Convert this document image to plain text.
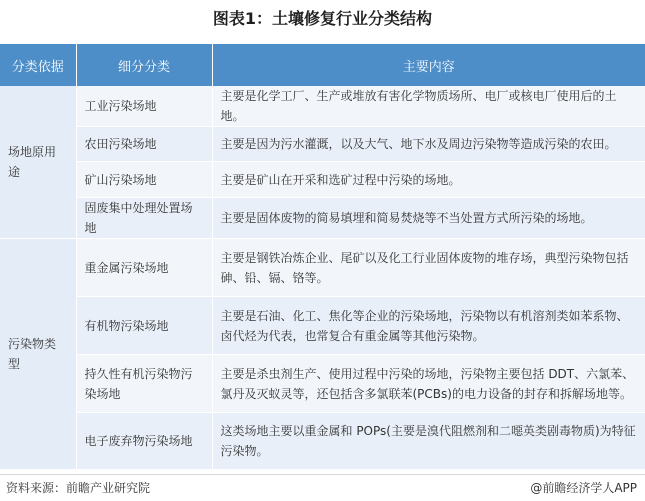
图表1：土壤修复行业分类结构
分类依据	细分分类	主要内容
场地原用途	工业污染场地	主要是化学工厂、生产或堆放有害化学物质场所、电厂或核电厂使用后的土地。
	农田污染场地	主要是因为污水灌溉，以及大气、地下水及周边污染物等造成污染的农田。
	矿山污染场地	主要是矿山在开采和选矿过程中污染的场地。
	固废集中处理处置场地	主要是固体废物的简易填埋和简易焚烧等不当处置方式所污染的场地。
污染物类型	重金属污染场地	主要是钢铁冶炼企业、尾矿以及化工行业固体废物的堆存场，典型污染物包括砷、铅、镉、铬等。
	有机物污染场地	主要是石油、化工、焦化等企业的污染场地，污染物以有机溶剂类如苯系物、卤代烃为代表，也常复合有重金属等其他污染物。
	持久性有机污染物污染场地	主要是杀虫剂生产、使用过程中污染的场地，污染物主要包括 DDT、六氯苯、氯丹及灭蚁灵等，还包括含多氯联苯(PCBs)的电力设备的封存和拆解场地等。
	电子废弃物污染场地	这类场地主要以重金属和 POPs(主要是溴代阻燃剂和二噁英类剧毒物质)为特征污染物。
资料来源：前瞻产业研究院	@前瞻经济学人APP
